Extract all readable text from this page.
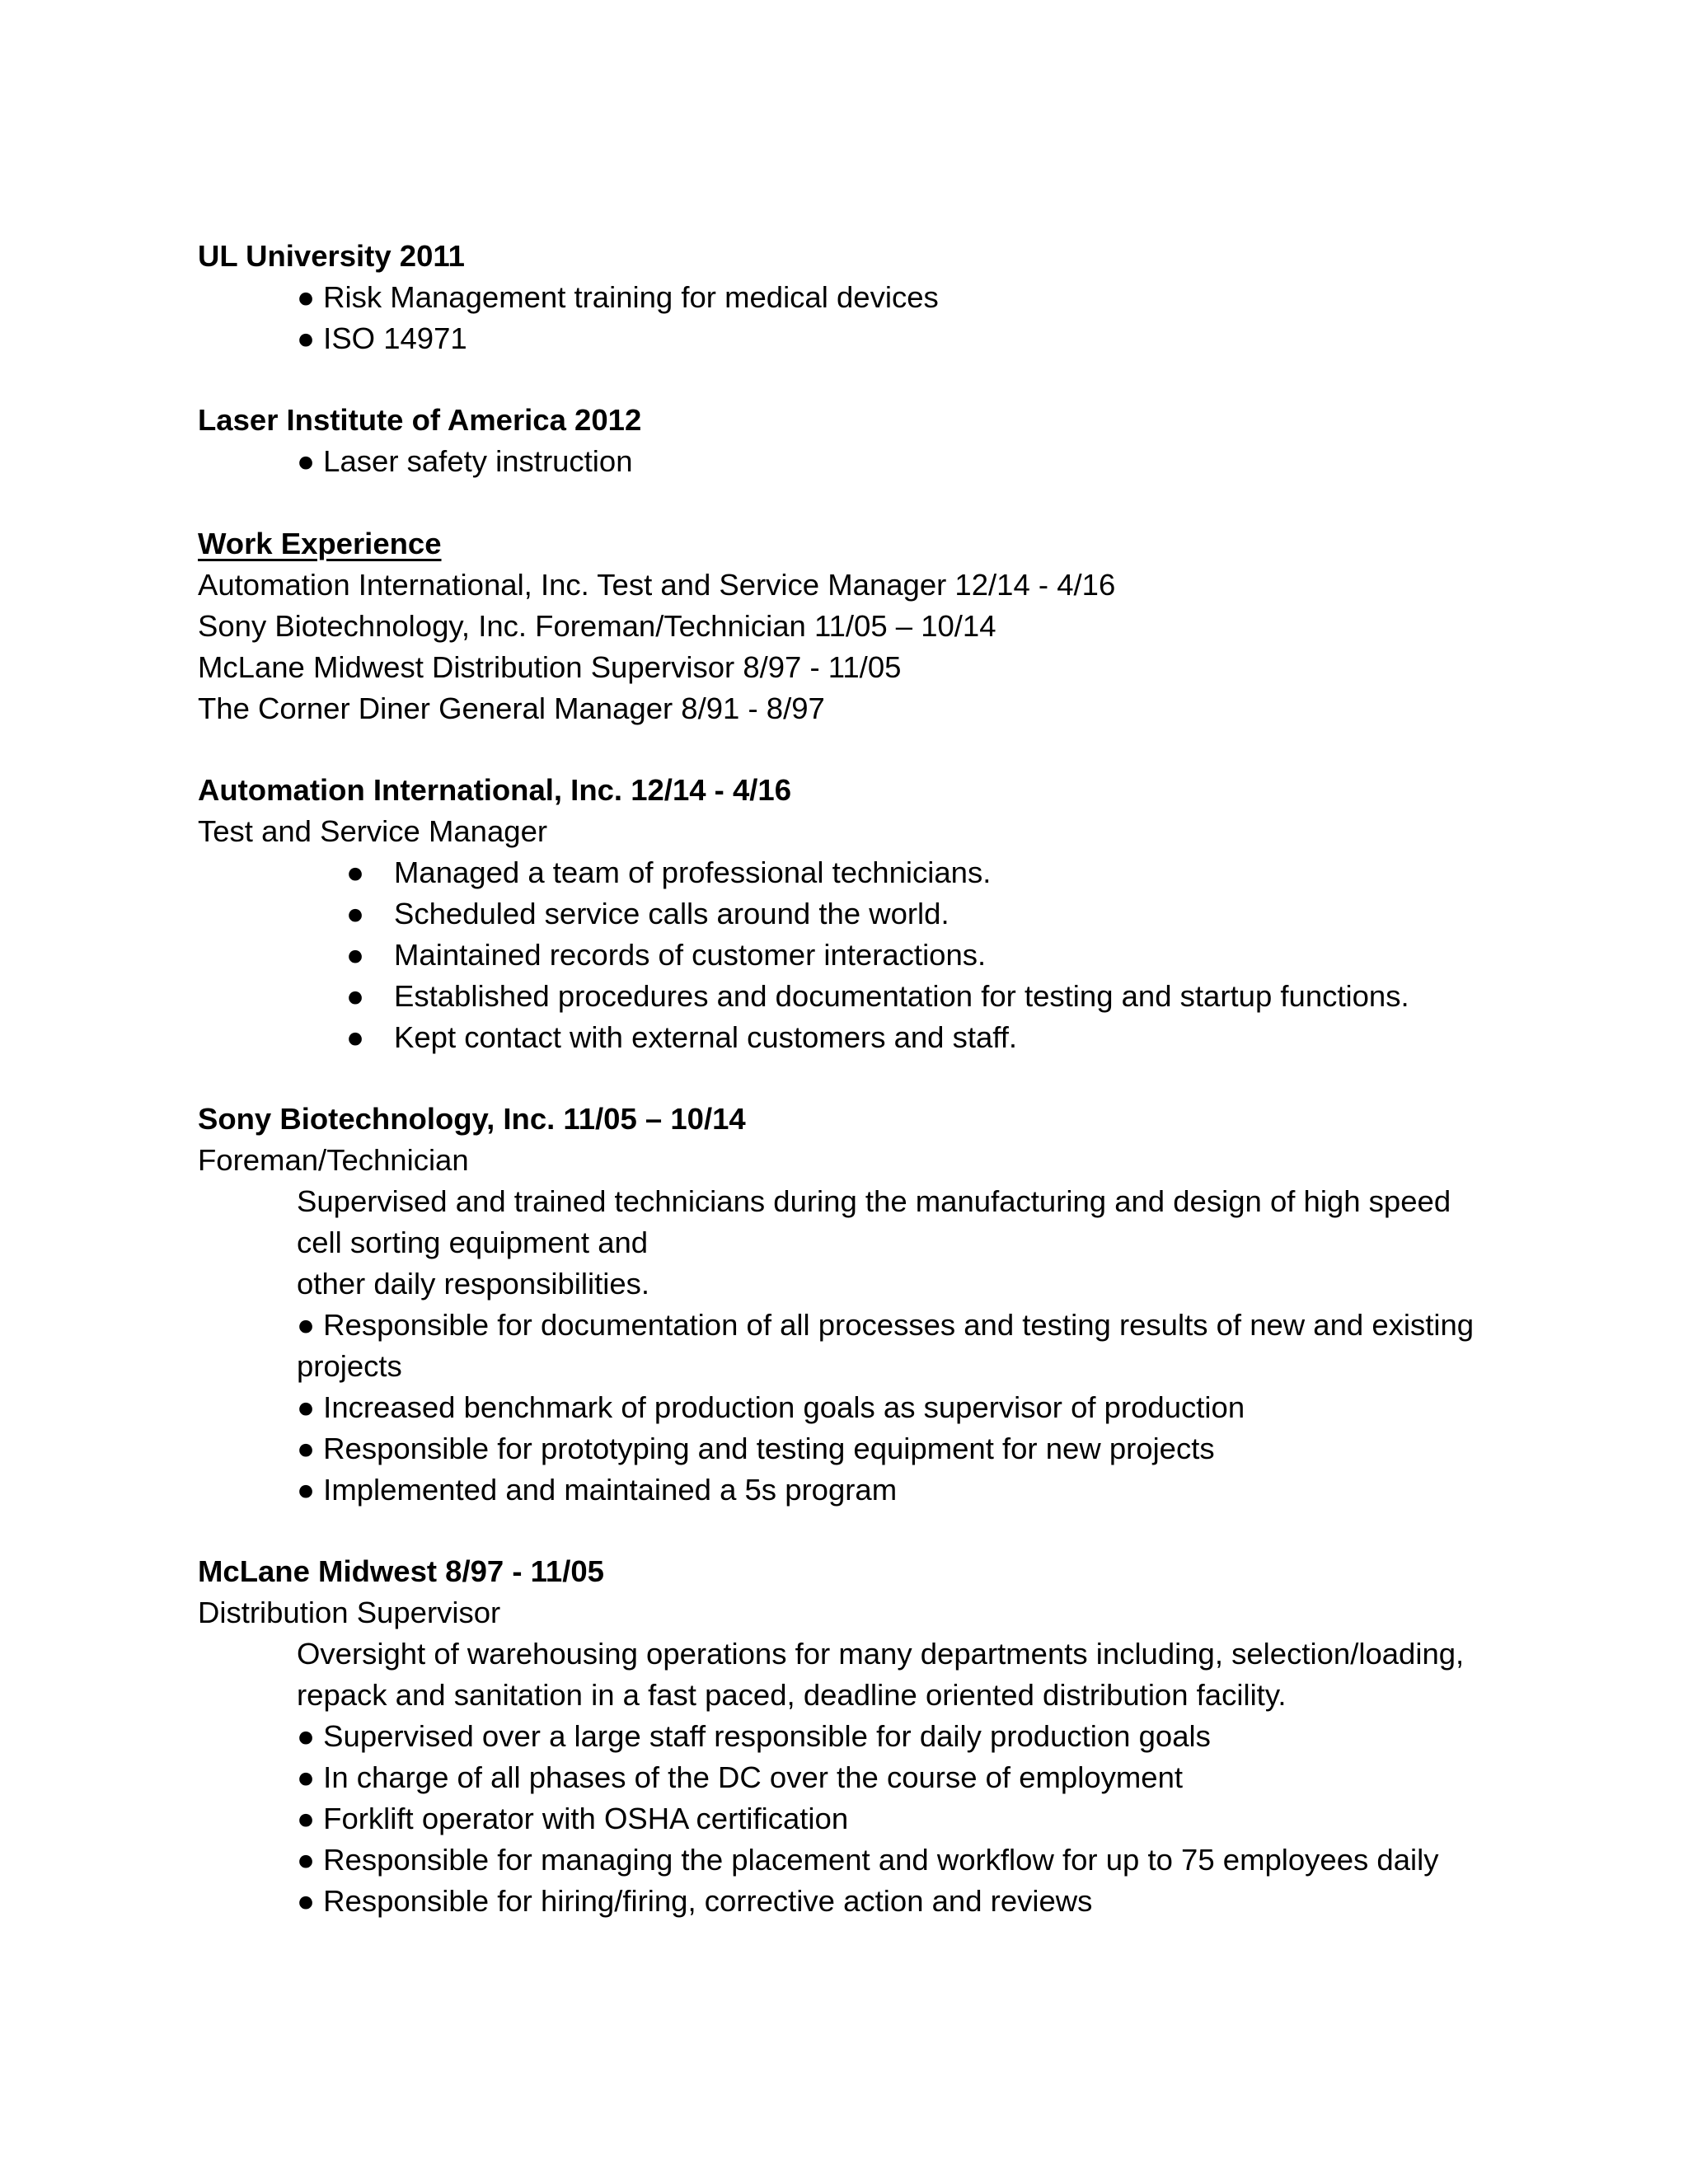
UL University 2011
● Risk Management training for medical devices
● ISO 14971
Laser Institute of America 2012
● Laser safety instruction
Work Experience
Automation International, Inc. Test and Service Manager 12/14 - 4/16
Sony Biotechnology, Inc. Foreman/Technician 11/05 – 10/14
McLane Midwest Distribution Supervisor 8/97 - 11/05
The Corner Diner General Manager 8/91 - 8/97
Automation International, Inc. 12/14 - 4/16
Test and Service Manager
● Managed a team of professional technicians.
● Scheduled service calls around the world.
● Maintained records of customer interactions.
● Established procedures and documentation for testing and startup functions.
● Kept contact with external customers and staff.
Sony Biotechnology, Inc. 11/05 – 10/14
Foreman/Technician
Supervised and trained technicians during the manufacturing and design of high speed
cell sorting equipment and
other daily responsibilities.
● Responsible for documentation of all processes and testing results of new and existing
projects
● Increased benchmark of production goals as supervisor of production
● Responsible for prototyping and testing equipment for new projects
● Implemented and maintained a 5s program
McLane Midwest 8/97 - 11/05
Distribution Supervisor
Oversight of warehousing operations for many departments including, selection/loading,
repack and sanitation in a fast paced, deadline oriented distribution facility.
● Supervised over a large staff responsible for daily production goals
● In charge of all phases of the DC over the course of employment
● Forklift operator with OSHA certification
● Responsible for managing the placement and workflow for up to 75 employees daily
● Responsible for hiring/firing, corrective action and reviews
